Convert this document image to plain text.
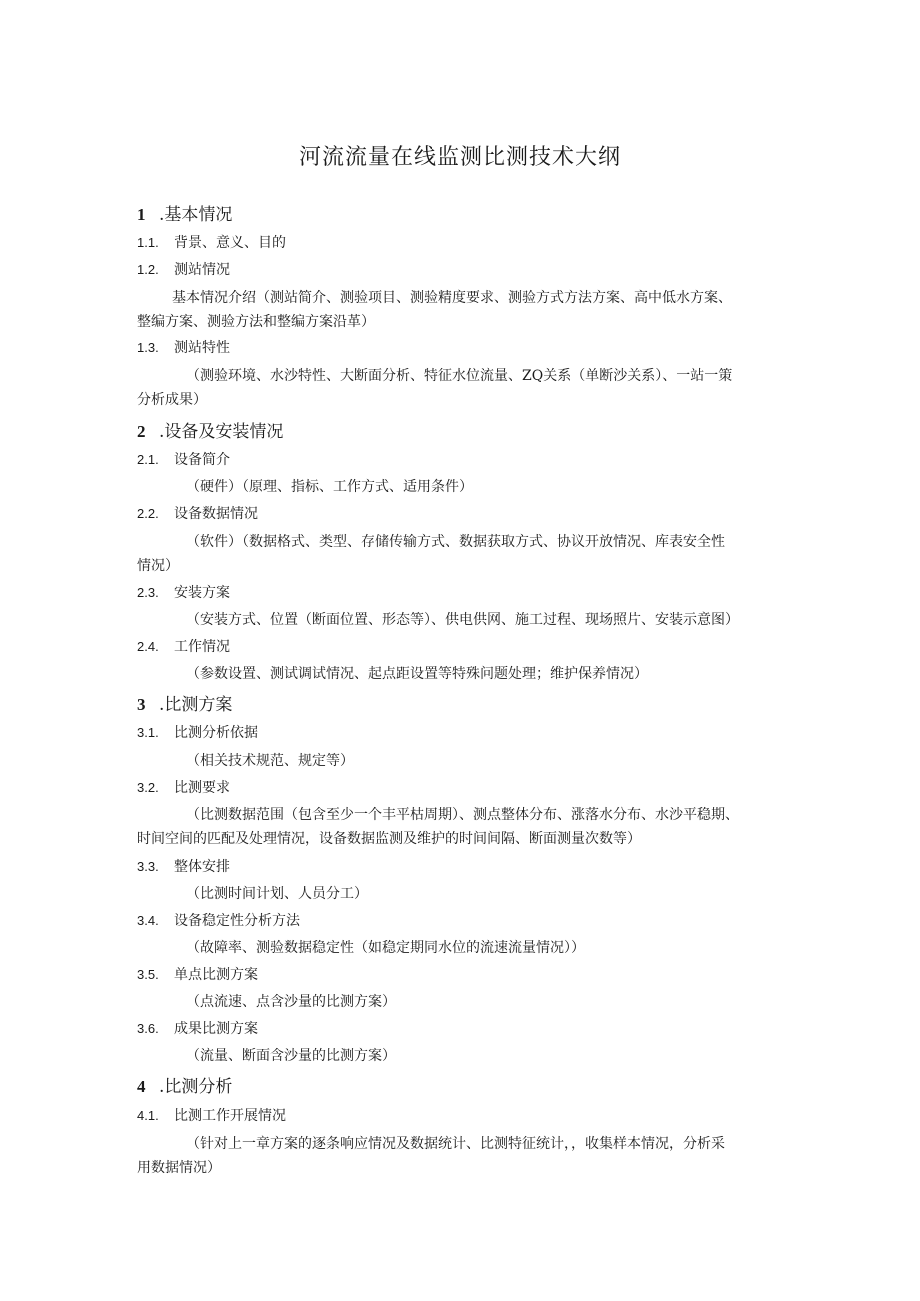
河流流量在线监测比测技术大纲
1 .基本情况
1.1. 背景、意义、目的
1.2. 测站情况
基本情况介绍（测站简介、测验项目、测验精度要求、测验方式方法方案、高中低水方案、
整编方案、测验方法和整编方案沿革）
1.3. 测站特性
（测验环境、水沙特性、大断面分析、特征水位流量、ZQ关系（单断沙关系）、一站一策
分析成果）
2 .设备及安装情况
2.1. 设备简介
（硬件）（原理、指标、工作方式、适用条件）
2.2. 设备数据情况
（软件）（数据格式、类型、存储传输方式、数据获取方式、协议开放情况、库表安全性
情况）
2.3. 安装方案
（安装方式、位置（断面位置、形态等）、供电供网、施工过程、现场照片、安装示意图）
2.4. 工作情况
（参数设置、测试调试情况、起点距设置等特殊问题处理；维护保养情况）
3 .比测方案
3.1. 比测分析依据
（相关技术规范、规定等）
3.2. 比测要求
（比测数据范围（包含至少一个丰平枯周期）、测点整体分布、涨落水分布、水沙平稳期、
时间空间的匹配及处理情况，设备数据监测及维护的时间间隔、断面测量次数等）
3.3. 整体安排
（比测时间计划、人员分工）
3.4. 设备稳定性分析方法
（故障率、测验数据稳定性（如稳定期同水位的流速流量情况））
3.5. 单点比测方案
（点流速、点含沙量的比测方案）
3.6. 成果比测方案
（流量、断面含沙量的比测方案）
4 .比测分析
4.1. 比测工作开展情况
（针对上一章方案的逐条响应情况及数据统计、比测特征统计，，收集样本情况，分析采
用数据情况）
